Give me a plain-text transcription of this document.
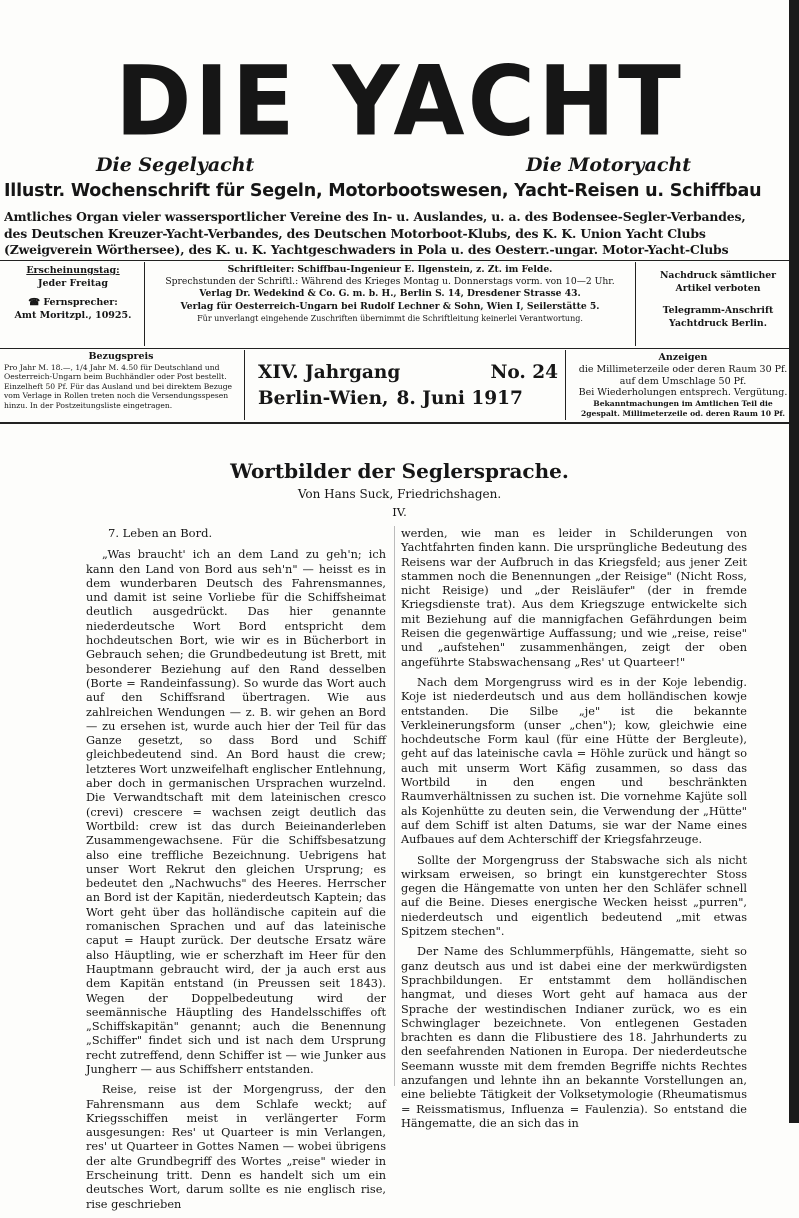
DIE YACHT
Die Segelyacht	Die Motoryacht
Illustr. Wochenschrift für Segeln, Motorbootswesen, Yacht-Reisen u. Schiffbau
Amtliches Organ vieler wassersportlicher Vereine des In- u. Auslandes, u. a. des Bodensee-Segler-Verbandes,
des Deutschen Kreuzer-Yacht-Verbandes, des Deutschen Motorboot-Klubs, des K. K. Union Yacht Clubs
(Zweigverein Wörthersee), des K. u. K. Yachtgeschwaders in Pola u. des Oesterr.-ungar. Motor-Yacht-Clubs
Erscheinungstag:
Jeder Freitag
☎ Fernsprecher:
Amt Moritzpl., 10925.
Schriftleiter: Schiffbau-Ingenieur E. Ilgenstein, z. Zt. im Felde.
Sprechstunden der Schriftl.: Während des Krieges Montag u. Donnerstags vorm. von 10—2 Uhr.
Verlag Dr. Wedekind & Co. G. m. b. H., Berlin S. 14, Dresdener Strasse 43.
Verlag für Oesterreich-Ungarn bei Rudolf Lechner & Sohn, Wien I, Seilerstätte 5.
Für unverlangt eingehende Zuschriften übernimmt die Schriftleitung keinerlei Verantwortung.
Nachdruck sämtlicher
Artikel verboten
Telegramm-Anschrift
Yachtdruck Berlin.
Bezugspreis
Pro Jahr M. 18.—, 1/4 Jahr M. 4.50 für Deutschland und Oesterreich-Ungarn beim Buchhändler oder Post bestellt. Einzelheft 50 Pf. Für das Ausland und bei direktem Bezuge vom Verlage in Rollen treten noch die Versendungsspesen hinzu. In der Postzeitungsliste eingetragen.
XIV. Jahrgang	No. 24
Berlin-Wien, 8. Juni 1917
Anzeigen
die Millimeterzeile oder deren Raum 30 Pf.
auf dem Umschlage 50 Pf.
Bei Wiederholungen entsprech. Vergütung.
Bekanntmachungen im Amtlichen Teil die
2gespalt. Millimeterzeile od. deren Raum 10 Pf.
Wortbilder der Seglersprache.
Von Hans Suck, Friedrichshagen.
IV.

7. Leben an Bord.

„Was braucht' ich an dem Land zu geh'n; ich kann den Land von Bord aus seh'n" — heisst es in dem wunderbaren Deutsch des Fahrensmannes, und damit ist seine Vorliebe für die Schiffsheimat deutlich ausgedrückt. Das hier genannte niederdeutsche Wort Bord entspricht dem hochdeutschen Bort, wie wir es in Bücherbort in Gebrauch sehen; die Grundbedeutung ist Brett, mit besonderer Beziehung auf den Rand desselben (Borte = Randeinfassung). So wurde das Wort auch auf den Schiffsrand übertragen. Wie aus zahlreichen Wendungen — z. B. wir gehen an Bord — zu ersehen ist, wurde auch hier der Teil für das Ganze gesetzt, so dass Bord und Schiff gleichbedeutend sind. An Bord haust die crew; letzteres Wort unzweifelhaft englischer Entlehnung, aber doch in germanischen Ursprachen wurzelnd. Die Verwandtschaft mit dem lateinischen cresco (crevi) crescere = wachsen zeigt deutlich das Wortbild: crew ist das durch Beieinanderleben Zusammengewachsene. Für die Schiffsbesatzung also eine treffliche Bezeichnung. Uebrigens hat unser Wort Rekrut den gleichen Ursprung; es bedeutet den „Nachwuchs" des Heeres. Herrscher an Bord ist der Kapitän, niederdeutsch Kaptein; das Wort geht über das holländische capitein auf die romanischen Sprachen und auf das lateinische caput = Haupt zurück. Der deutsche Ersatz wäre also Häuptling, wie er scherzhaft im Heer für den Hauptmann gebraucht wird, der ja auch erst aus dem Kapitän entstand (in Preussen seit 1843). Wegen der Doppelbedeutung wird der seemännische Häuptling des Handelsschiffes oft „Schiffskapitän" genannt; auch die Benennung „Schiffer" findet sich und ist nach dem Ursprung recht zutreffend, denn Schiffer ist — wie Junker aus Jungherr — aus Schiffsherr entstanden.

Reise, reise ist der Morgengruss, der den Fahrensmann aus dem Schlafe weckt; auf Kriegsschiffen meist in verlängerter Form ausgesungen: Res' ut Quarteer is min Verlangen, res' ut Quarteer in Gottes Namen — wobei übrigens der alte Grundbegriff des Wortes „reise" wieder in Erscheinung tritt. Denn es handelt sich um ein deutsches Wort, darum sollte es nie englisch rise, rise geschrieben

werden, wie man es leider in Schilderungen von Yachtfahrten finden kann. Die ursprüngliche Bedeutung des Reisens war der Aufbruch in das Kriegsfeld; aus jener Zeit stammen noch die Benennungen „der Reisige" (Nicht Ross, nicht Reisige) und „der Reisläufer" (der in fremde Kriegsdienste trat). Aus dem Kriegszuge entwickelte sich mit Beziehung auf die mannigfachen Gefährdungen beim Reisen die gegenwärtige Auffassung; und wie „reise, reise" und „aufstehen" zusammenhängen, zeigt der oben angeführte Stabswachensang „Res' ut Quarteer!"

Nach dem Morgengruss wird es in der Koje lebendig. Koje ist niederdeutsch und aus dem holländischen kowje entstanden. Die Silbe „je" ist die bekannte Verkleinerungsform (unser „chen"); kow, gleichwie eine hochdeutsche Form kaul (für eine Hütte der Bergleute), geht auf das lateinische cavla = Höhle zurück und hängt so auch mit unserm Wort Käfig zusammen, so dass das Wortbild in den engen und beschränkten Raumverhältnissen zu suchen ist. Die vornehme Kajüte soll als Kojenhütte zu deuten sein, die Verwendung der „Hütte" auf dem Schiff ist alten Datums, sie war der Name eines Aufbaues auf dem Achterschiff der Kriegsfahrzeuge.

Sollte der Morgengruss der Stabswache sich als nicht wirksam erweisen, so bringt ein kunstgerechter Stoss gegen die Hängematte von unten her den Schläfer schnell auf die Beine. Dieses energische Wecken heisst „purren", niederdeutsch und eigentlich bedeutend „mit etwas Spitzem stechen".

Der Name des Schlummerpfühls, Hängematte, sieht so ganz deutsch aus und ist dabei eine der merkwürdigsten Sprachbildungen. Er entstammt dem holländischen hangmat, und dieses Wort geht auf hamaca aus der Sprache der westindischen Indianer zurück, wo es ein Schwinglager bezeichnete. Von entlegenen Gestaden brachten es dann die Flibustiere des 18. Jahrhunderts zu den seefahrenden Nationen in Europa. Der niederdeutsche Seemann wusste mit dem fremden Begriffe nichts Rechtes anzufangen und lehnte ihn an bekannte Vorstellungen an, eine beliebte Tätigkeit der Volksetymologie (Rheumatismus = Reissmatismus, Influenza = Faulenzia). So entstand die Hängematte, die an sich das in
